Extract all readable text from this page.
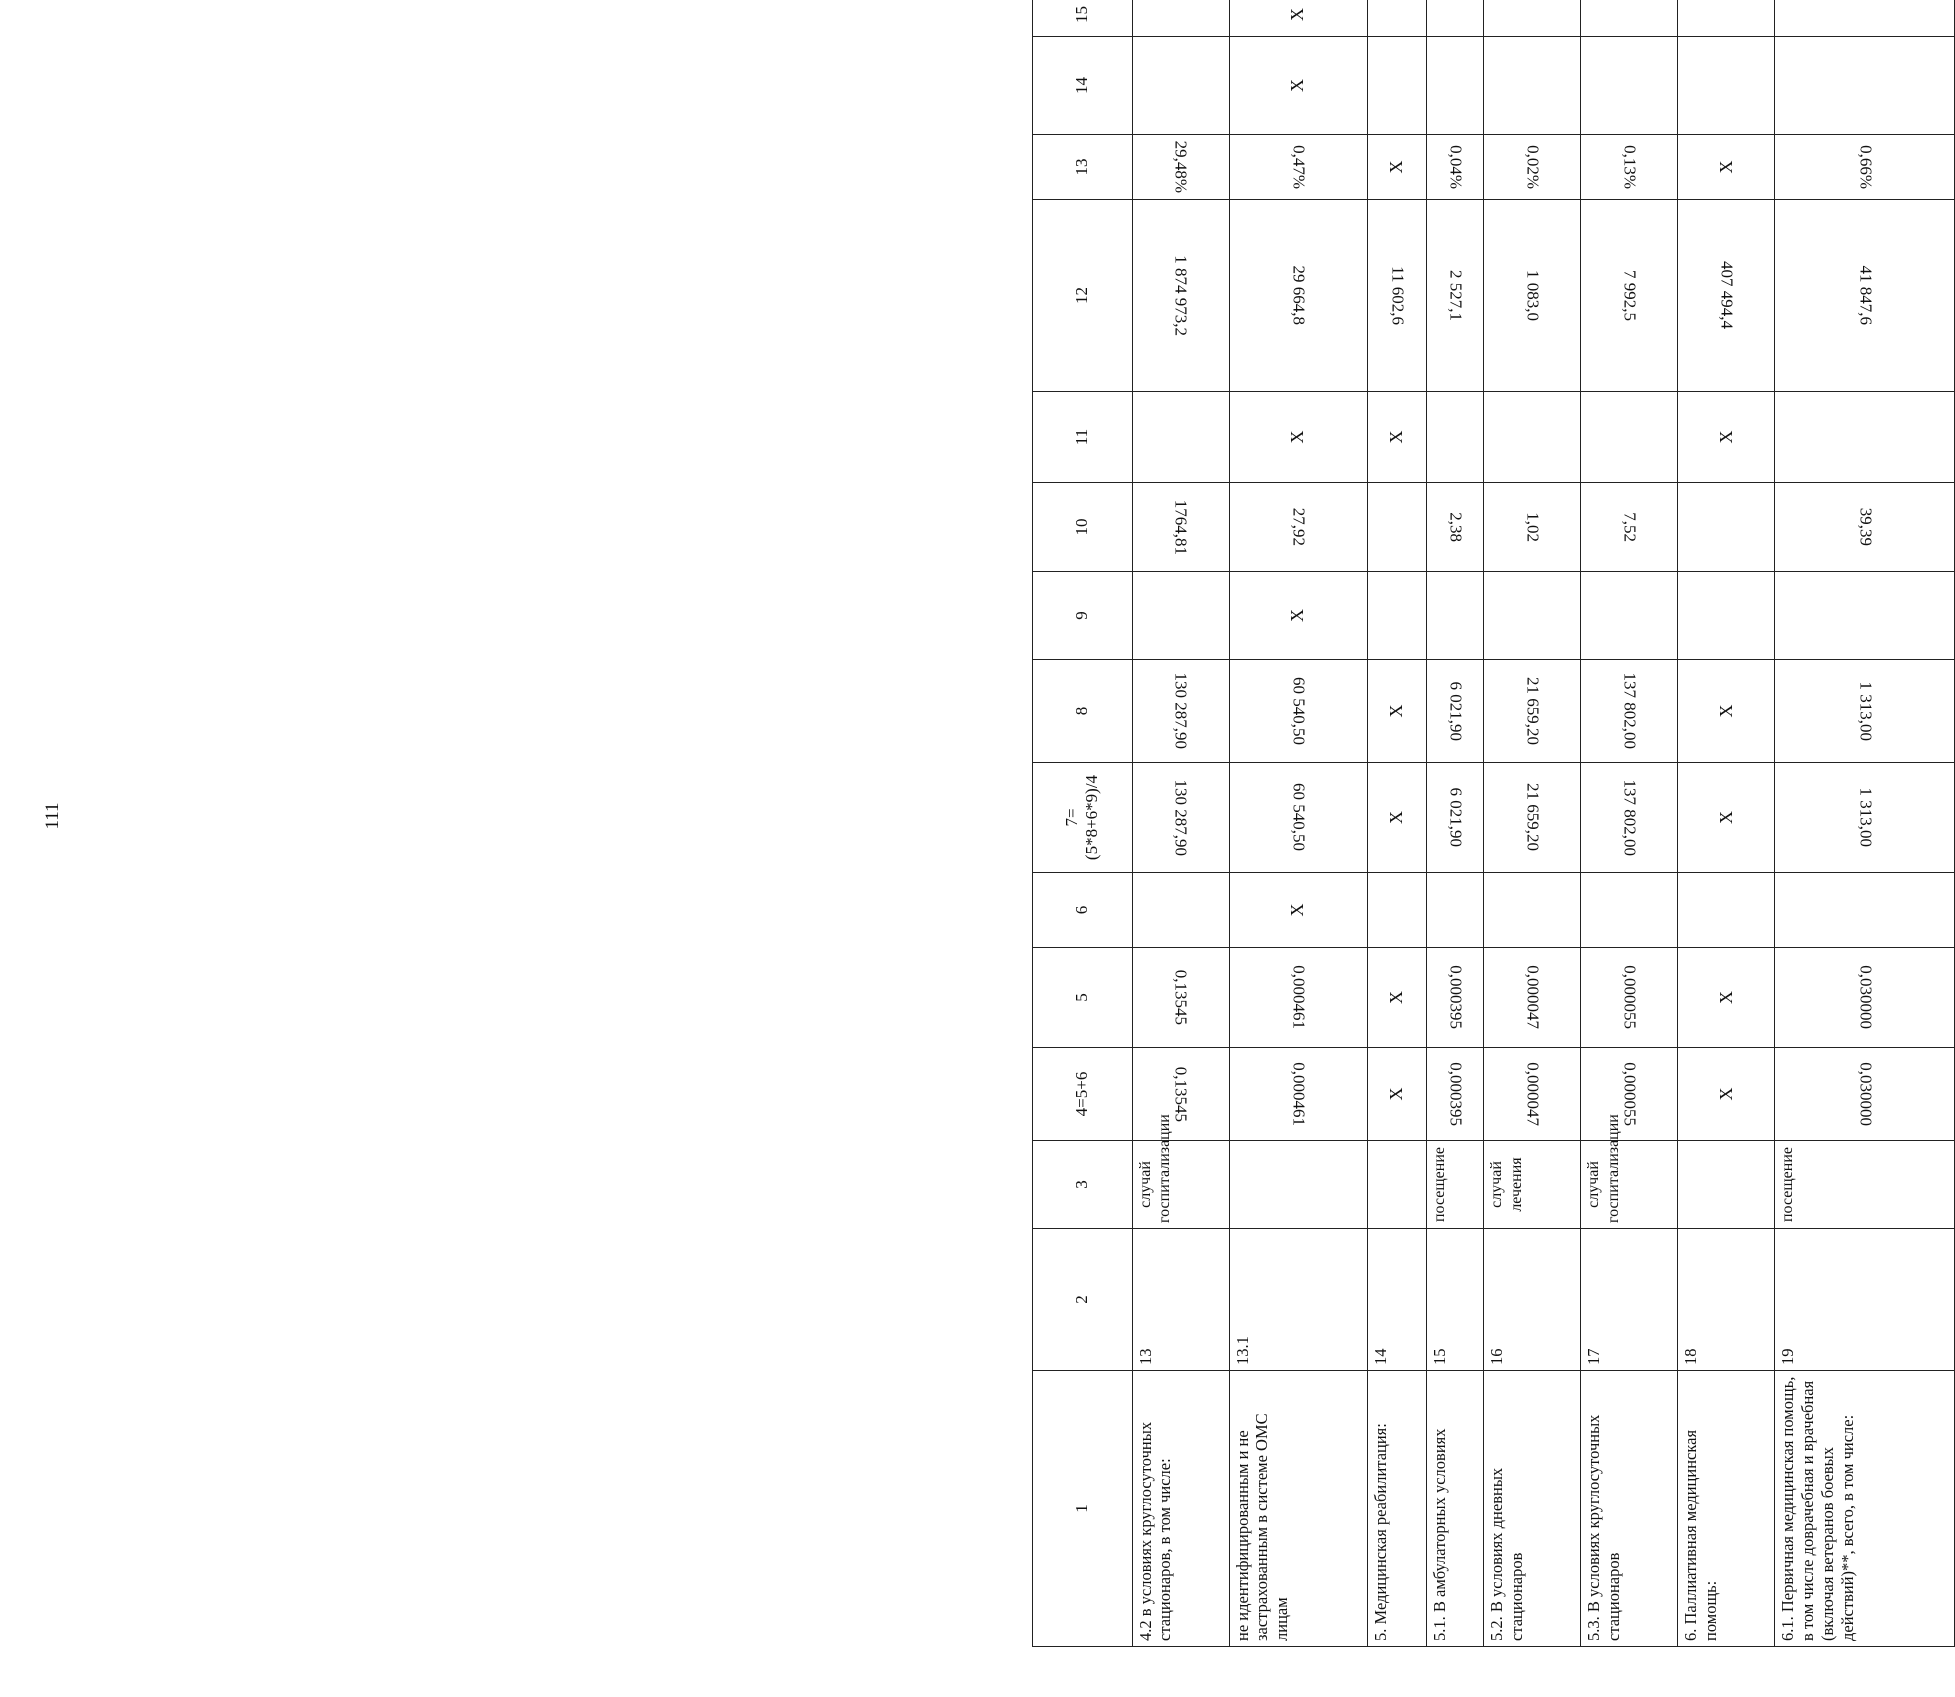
111
1	2	3	4=5+6	5	6	7= (5*8+6*9)/4	8	9	10	11	12	13	14	15
4.2 в условиях круглосуточных стационаров, в том числе:	13	случай госпитализации	0,13545	0,13545		130 287,90	130 287,90		1764,81		1 874 973,2	29,48%		
не идентифицированным и не застрахованным в системе ОМС лицам	13.1		0,000461	0,000461	X	60 540,50	60 540,50	X	27,92	X	29 664,8	0,47%	X	X
5. Медицинская реабилитация:	14		X	X		X	X			X	11 602,6	X		
5.1. В амбулаторных условиях	15	посещение	0,000395	0,000395		6 021,90	6 021,90		2,38		2 527,1	0,04%		
5.2. В условиях дневных стационаров	16	случай лечения	0,000047	0,000047		21 659,20	21 659,20		1,02		1 083,0	0,02%		
5.3. В условиях круглосуточных стационаров	17	случай госпитализации	0,000055	0,000055		137 802,00	137 802,00		7,52		7 992,5	0,13%		
6. Паллиативная медицинская помощь:	18		X	X		X	X			X	407 494,4	X		
6.1. Первичная медицинская помощь, в том числе доврачебная и врачебная (включая ветеранов боевых действий)**, всего, в том числе:	19	посещение	0,030000	0,030000		1 313,00	1 313,00		39,39		41 847,6	0,66%		
